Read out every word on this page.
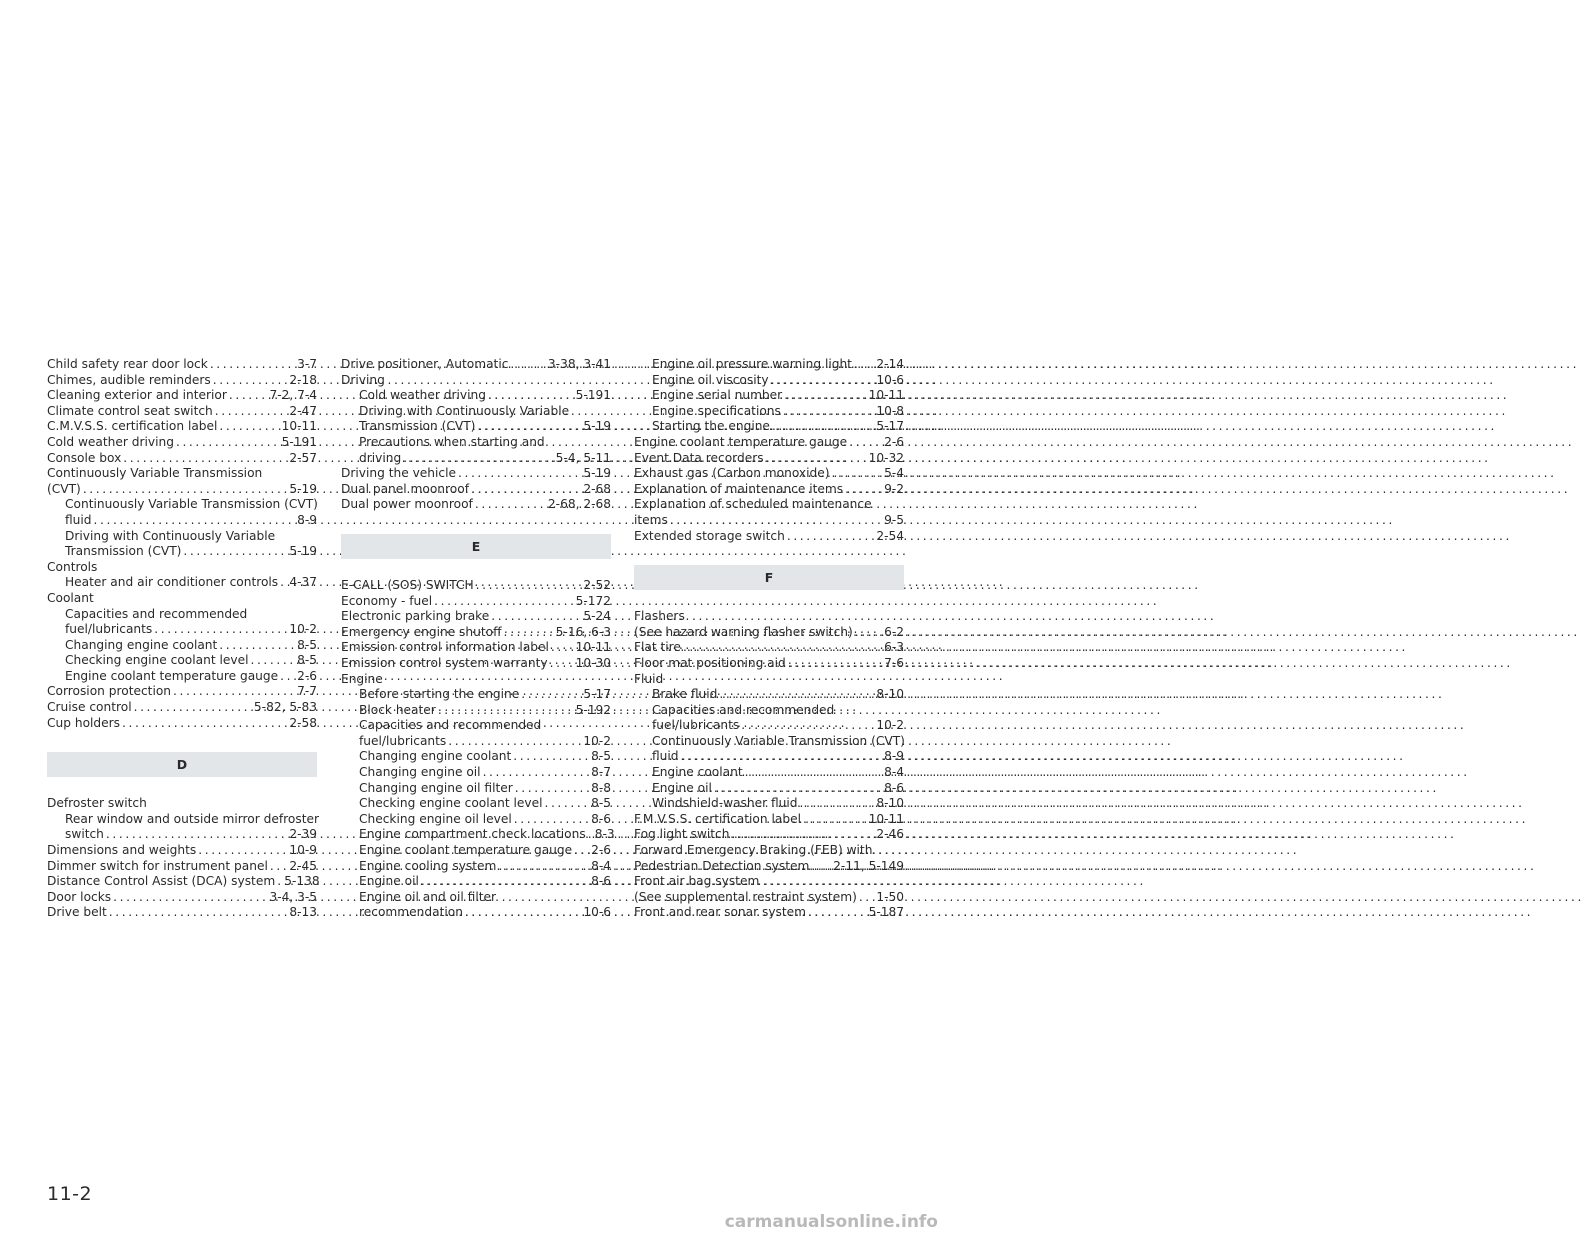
Child safety rear door lock .....	3-7
Chimes, audible reminders .....	2-18
Cleaning exterior and interior .....	7-2, 7-4
Climate control seat switch .....	2-47
C.M.V.S.S. certification label .....	10-11
Cold weather driving .....	5-191
Console box .....	2-57
Continuously Variable Transmission
(CVT) .....	5-19
Continuously Variable Transmission (CVT)
fluid .....	8-9
Driving with Continuously Variable
Transmission (CVT) .....	5-19
Controls
Heater and air conditioner controls ..... 4-37
Coolant
Capacities and recommended
fuel/lubricants .....	10-2
Changing engine coolant .....	8-5
Checking engine coolant level .....	8-5
Engine coolant temperature gauge ..... 2-6
Corrosion protection .....	7-7
Cruise control .....	5-82, 5-83
Cup holders .....	2-58
D
Defroster switch
Rear window and outside mirror defroster
switch .....	2-39
Dimensions and weights .....	10-9
Dimmer switch for instrument panel ..... 2-45
Distance Control Assist (DCA) system ..... 5-138
Door locks .....	3-4, 3-5
Drive belt .....	8-13
Drive positioner, Automatic .....	3-38, 3-41
Driving
Cold weather driving .....	5-191
Driving with Continuously Variable
Transmission (CVT) .....	5-19
Precautions when starting and
driving .....	5-4, 5-11
Driving the vehicle .....	5-19
Dual panel moonroof .....	2-68
Dual power moonroof .....	2-68, 2-68
E
E-CALL (SOS) SWITCH .....	2-52
Economy - fuel .....	5-172
Electronic parking brake .....	5-24
Emergency engine shutoff .....	5-16, 6-3
Emission control information label ..... 10-11
Emission control system warranty ..... 10-30
Engine
Before starting the engine .....	5-17
Block heater .....	5-192
Capacities and recommended
fuel/lubricants .....	10-2
Changing engine coolant .....	8-5
Changing engine oil .....	8-7
Changing engine oil filter .....	8-8
Checking engine coolant level .....	8-5
Checking engine oil level .....	8-6
Engine compartment check locations ..... 8-3
Engine coolant temperature gauge ..... 2-6
Engine cooling system .....	8-4
Engine oil .....	8-6
Engine oil and oil filter
recommendation .....	10-6
Engine oil pressure warning light ..... 2-14
Engine oil viscosity .....	10-6
Engine serial number .....	10-11
Engine specifications .....	10-8
Starting the engine .....	5-17
Engine coolant temperature gauge .....	2-6
Event Data recorders .....	10-32
Exhaust gas (Carbon monoxide) .....	5-4
Explanation of maintenance items .....	9-2
Explanation of scheduled maintenance
items .....	9-5
Extended storage switch .....	2-54
F
Flashers
(See hazard warning flasher switch) .....	6-2
Flat tire .....	6-3
Floor mat positioning aid .....	7-6
Fluid
Brake fluid .....	8-10
Capacities and recommended
fuel/lubricants .....	10-2
Continuously Variable Transmission (CVT)
fluid .....	8-9
Engine coolant .....	8-4
Engine oil .....	8-6
Windshield-washer fluid .....	8-10
F.M.V.S.S. certification label .....	10-11
Fog light switch .....	2-46
Forward Emergency Braking (FEB) with
Pedestrian Detection system ..... 2-11, 5-149
Front air bag system
(See supplemental restraint system) ..... 1-50
Front and rear sonar system .....	5-187
11-2
carmanualsonline.info
